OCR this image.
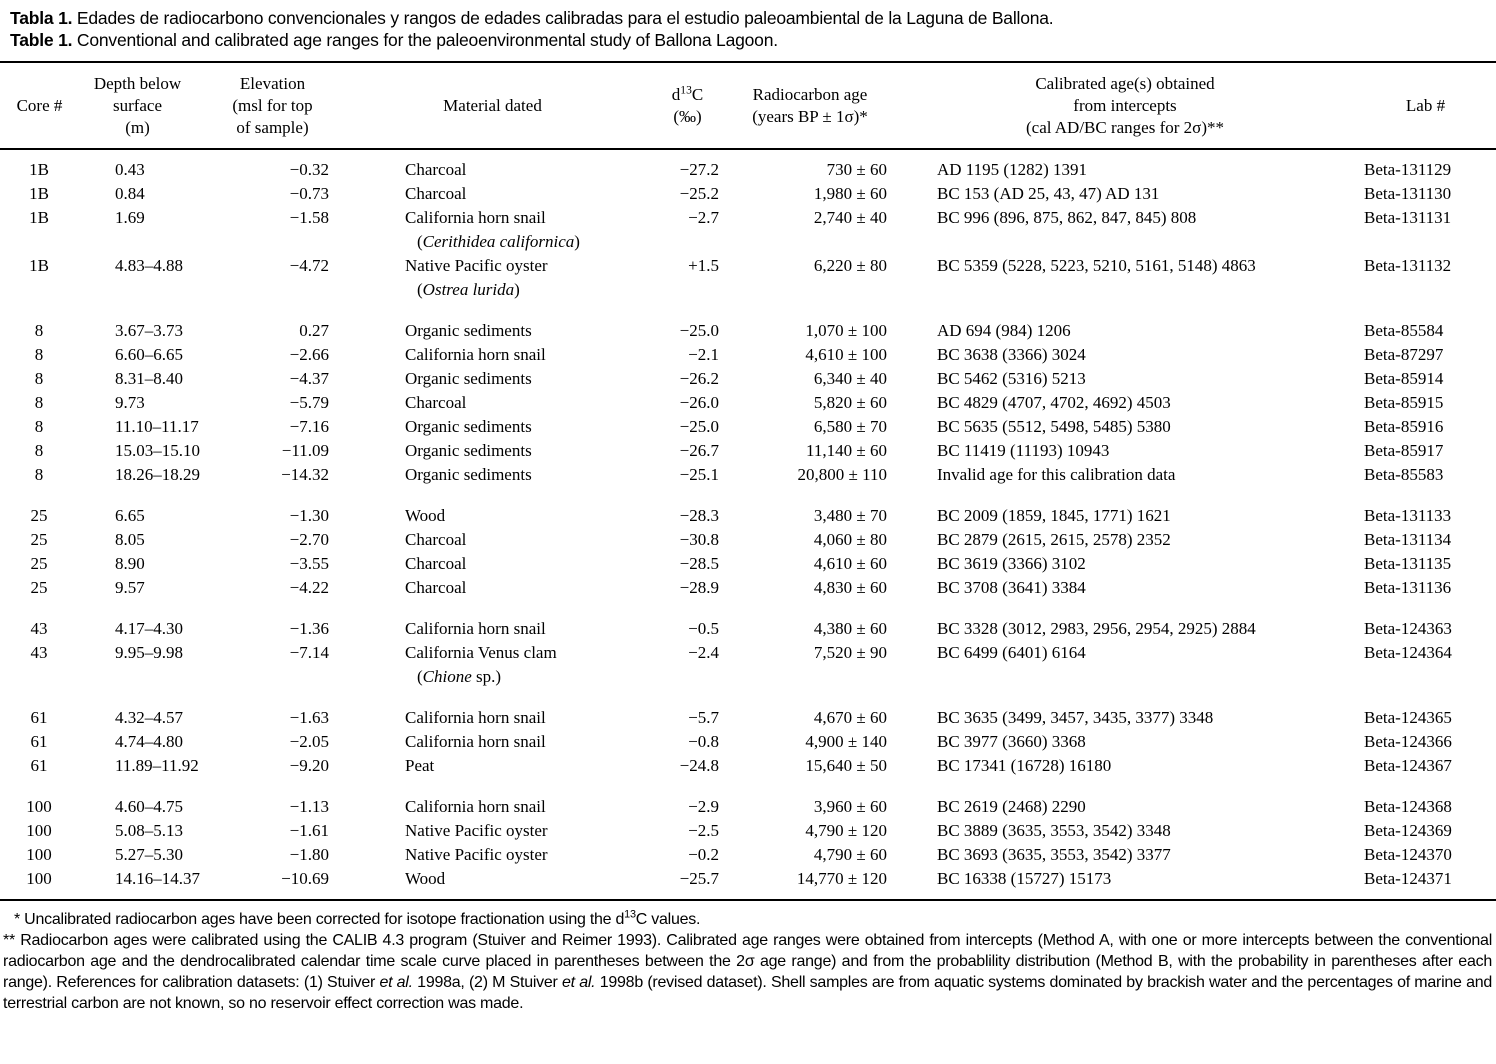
Tabla 1. Edades de radiocarbono convencionales y rangos de edades calibradas para el estudio paleoambiental de la Laguna de Ballona.
Table 1. Conventional and calibrated age ranges for the paleoenvironmental study of Ballona Lagoon.
Core #	Depth below
surface
(m)	Elevation
(msl for top
of sample)	Material dated	$d^{13}C$
(‰)	Radiocarbon age
(years BP ± 1σ)*	Calibrated age(s) obtained
from intercepts
(cal AD/BC ranges for 2σ)**	Lab #

1B	0.43	−0.32	Charcoal	−27.2	730 ± 60	AD 1195 (1282) 1391	Beta-131129
1B	0.84	−0.73	Charcoal	−25.2	1,980 ± 60	BC 153 (AD 25, 43, 47) AD 131	Beta-131130
1B	1.69	−1.58	California horn snail
(Cerithidea californica)	−2.7	2,740 ± 40	BC 996 (896, 875, 862, 847, 845) 808	Beta-131131
1B	4.83–4.88	−4.72	Native Pacific oyster
(Ostrea lurida)	+1.5	6,220 ± 80	BC 5359 (5228, 5223, 5210, 5161, 5148) 4863	Beta-131132

8	3.67–3.73	0.27	Organic sediments	−25.0	1,070 ± 100	AD 694 (984) 1206	Beta-85584
8	6.60–6.65	−2.66	California horn snail	−2.1	4,610 ± 100	BC 3638 (3366) 3024	Beta-87297
8	8.31–8.40	−4.37	Organic sediments	−26.2	6,340 ± 40	BC 5462 (5316) 5213	Beta-85914
8	9.73	−5.79	Charcoal	−26.0	5,820 ± 60	BC 4829 (4707, 4702, 4692) 4503	Beta-85915
8	11.10–11.17	−7.16	Organic sediments	−25.0	6,580 ± 70	BC 5635 (5512, 5498, 5485) 5380	Beta-85916
8	15.03–15.10	−11.09	Organic sediments	−26.7	11,140 ± 60	BC 11419 (11193) 10943	Beta-85917
8	18.26–18.29	−14.32	Organic sediments	−25.1	20,800 ± 110	Invalid age for this calibration data	Beta-85583

25	6.65	−1.30	Wood	−28.3	3,480 ± 70	BC 2009 (1859, 1845, 1771) 1621	Beta-131133
25	8.05	−2.70	Charcoal	−30.8	4,060 ± 80	BC 2879 (2615, 2615, 2578) 2352	Beta-131134
25	8.90	−3.55	Charcoal	−28.5	4,610 ± 60	BC 3619 (3366) 3102	Beta-131135
25	9.57	−4.22	Charcoal	−28.9	4,830 ± 60	BC 3708 (3641) 3384	Beta-131136

43	4.17–4.30	−1.36	California horn snail	−0.5	4,380 ± 60	BC 3328 (3012, 2983, 2956, 2954, 2925) 2884	Beta-124363
43	9.95–9.98	−7.14	California Venus clam
(Chione sp.)	−2.4	7,520 ± 90	BC 6499 (6401) 6164	Beta-124364

61	4.32–4.57	−1.63	California horn snail	−5.7	4,670 ± 60	BC 3635 (3499, 3457, 3435, 3377) 3348	Beta-124365
61	4.74–4.80	−2.05	California horn snail	−0.8	4,900 ± 140	BC 3977 (3660) 3368	Beta-124366
61	11.89–11.92	−9.20	Peat	−24.8	15,640 ± 50	BC 17341 (16728) 16180	Beta-124367

100	4.60–4.75	−1.13	California horn snail	−2.9	3,960 ± 60	BC 2619 (2468) 2290	Beta-124368
100	5.08–5.13	−1.61	Native Pacific oyster	−2.5	4,790 ± 120	BC 3889 (3635, 3553, 3542) 3348	Beta-124369
100	5.27–5.30	−1.80	Native Pacific oyster	−0.2	4,790 ± 60	BC 3693 (3635, 3553, 3542) 3377	Beta-124370
100	14.16–14.37	−10.69	Wood	−25.7	14,770 ± 120	BC 16338 (15727) 15173	Beta-124371

* Uncalibrated radiocarbon ages have been corrected for isotope fractionation using the $d^{13}C$ values.
** Radiocarbon ages were calibrated using the CALIB 4.3 program (Stuiver and Reimer 1993). Calibrated age ranges were obtained from intercepts (Method A, with one or more intercepts between the conventional radiocarbon age and the dendrocalibrated calendar time scale curve placed in parentheses between the 2σ age range) and from the probablility distribution (Method B, with the probability in parentheses after each range). References for calibration datasets: (1) Stuiver et al. 1998a, (2) M Stuiver et al. 1998b (revised dataset). Shell samples are from aquatic systems dominated by brackish water and the percentages of marine and terrestrial carbon are not known, so no reservoir effect correction was made.
